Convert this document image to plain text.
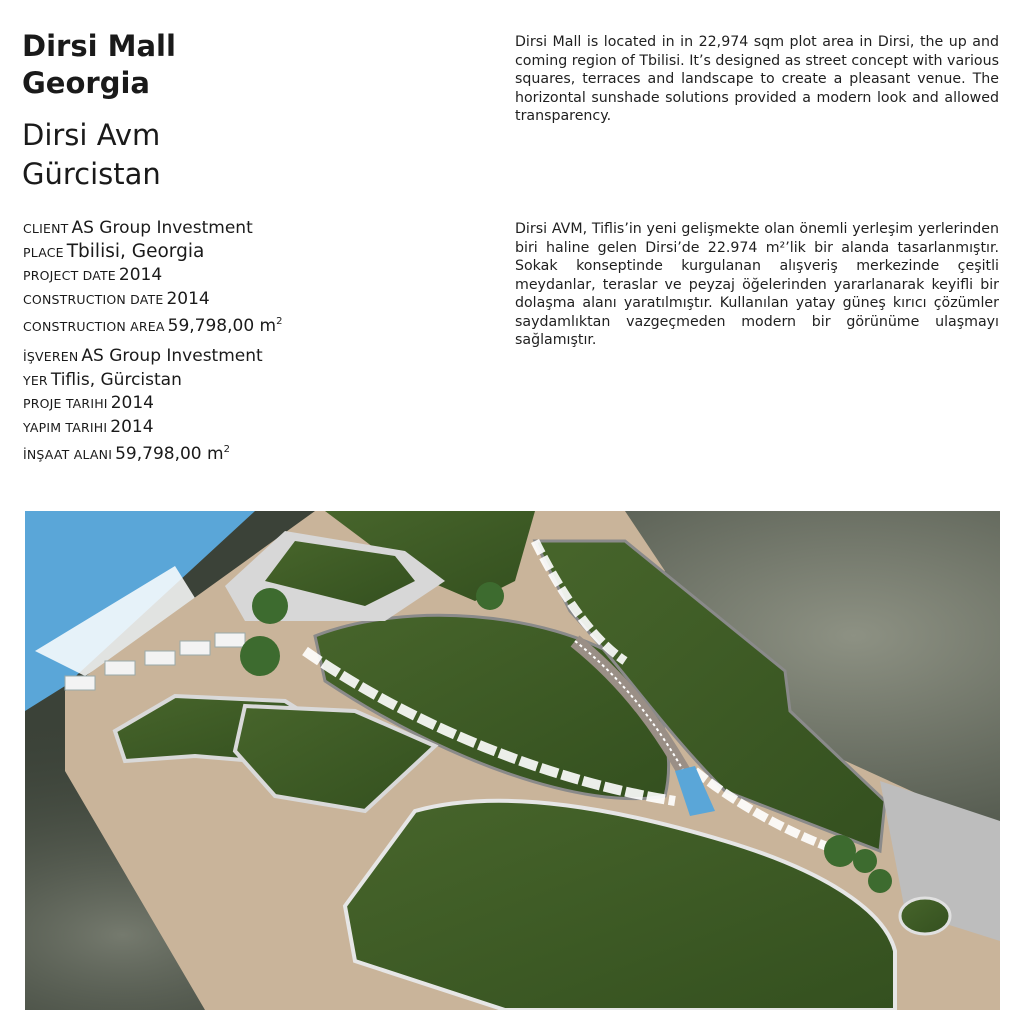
Dirsi Mall
Georgia
Dirsi Avm
Gürcistan
CLIENT AS Group Investment
PLACE Tbilisi, Georgia
PROJECT DATE 2014
CONSTRUCTION DATE 2014
CONSTRUCTION AREA 59,798,00 $m^2$
İŞVEREN AS Group Investment
YER Tiflis, Gürcistan
PROJE TARIHI 2014
YAPIM TARIHI 2014
İNŞAAT ALANI 59,798,00 $m^2$

Dirsi Mall is located in in 22,974 sqm plot area in Dirsi, the up and coming region of Tbilisi. It’s designed as street concept with various squares, terraces and landscape to create a pleasant venue. The horizontal sunshade solutions provided a modern look and allowed transparency.

Dirsi AVM, Tiflis’in yeni gelişmekte olan önemli yerleşim yerlerinden biri haline gelen Dirsi’de 22.974 m²’lik bir alanda tasarlanmıştır. Sokak konseptinde kurgulanan alışveriş merkezinde çeşitli meydanlar, teraslar ve peyzaj öğelerinden yararlanarak keyifli bir dolaşma alanı yaratılmıştır. Kullanılan yatay güneş kırıcı çözümler saydamlıktan vazgeçmeden modern bir görünüme ulaşmayı sağlamıştır.
